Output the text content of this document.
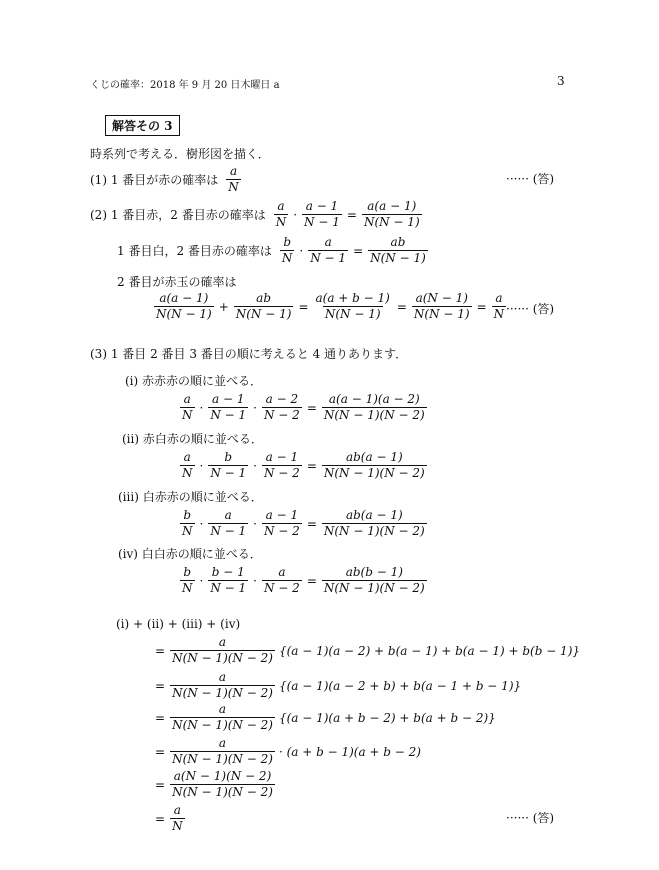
くじの確率：2018 年 9 月 20 日木曜日 a	3
解答その 3
時系列で考える．樹形図を描く．
(1) 1 番目が赤の確率は
a
N
······ (答)
(2) 1 番目赤，2 番目赤の確率は
a
N
· $\frac{a - 1}{N - 1} = \frac{a(a - 1)}{N(N - 1)}$
1 番目白，2 番目赤の確率は
b
N
· $\frac{a}{N - 1} = \frac{ab}{N(N - 1)}$
2 番目が赤玉の確率は
a(a − 1)
N(N − 1)
+ $\frac{ab}{N(N - 1)} = \frac{a(a + b - 1)}{N(N - 1)} = \frac{a(N - 1)}{N(N - 1)} = \frac{a}{N}$ ······ (答)
(3) 1 番目 2 番目 3 番目の順に考えると 4 通りあります．
(i) 赤赤赤の順に並べる．
a
N
·
a − 1
N − 1
· $\frac{a - 2}{N - 2} = \frac{a(a - 1)(a - 2)}{N(N - 1)(N - 2)}$
(ii) 赤白赤の順に並べる．
a
N
·
b
N − 1
· $\frac{a - 1}{N - 2} = \frac{ab(a - 1)}{N(N - 1)(N - 2)}$
(iii) 白赤赤の順に並べる．
b
N
·
a
N − 1
· $\frac{a - 1}{N - 2} = \frac{ab(a - 1)}{N(N - 1)(N - 2)}$
(iv) 白白赤の順に並べる．
b
N
·
b − 1
N − 1
· $\frac{a}{N - 2} = \frac{ab(b - 1)}{N(N - 1)(N - 2)}$
(i) + (ii) + (iii) + (iv)
= $\frac{a}{N(N - 1)(N - 2)} \{(a - 1)(a - 2) + b(a - 1) + b(a - 1) + b(b - 1)\}$
= $\frac{a}{N(N - 1)(N - 2)} \{(a - 1)(a - 2 + b) + b(a - 1 + b - 1)\}$
= $\frac{a}{N(N - 1)(N - 2)} \{(a - 1)(a + b - 2) + b(a + b - 2)\}$
= $\frac{a}{N(N - 1)(N - 2)} \cdot (a + b - 1)(a + b - 2)$
= $\frac{a(N - 1)(N - 2)}{N(N - 1)(N - 2)}$
= $\frac{a}{N}$	······ (答)
